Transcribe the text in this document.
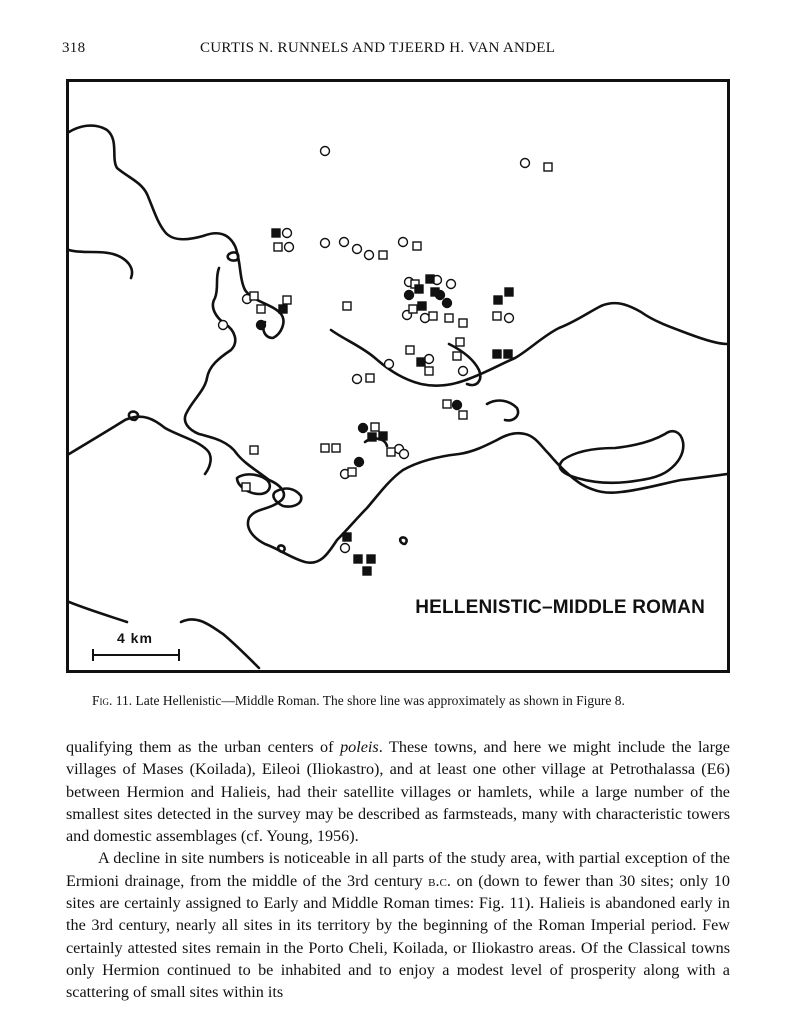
318	CURTIS N. RUNNELS AND TJEERD H. VAN ANDEL
HELLENISTIC–MIDDLE ROMAN
4 km
Fig. 11. Late Hellenistic—Middle Roman. The shore line was approximately as shown in Figure 8.

qualifying them as the urban centers of poleis. These towns, and here we might include the large villages of Mases (Koilada), Eileoi (Iliokastro), and at least one other village at Petrothalassa (E6) between Hermion and Halieis, had their satellite villages or hamlets, while a large number of the smallest sites detected in the survey may be described as farmsteads, many with characteristic towers and domestic assemblages (cf. Young, 1956).

A decline in site numbers is noticeable in all parts of the study area, with partial exception of the Ermioni drainage, from the middle of the 3rd century b.c. on (down to fewer than 30 sites; only 10 sites are certainly assigned to Early and Middle Roman times: Fig. 11). Halieis is abandoned early in the 3rd century, nearly all sites in its territory by the beginning of the Roman Imperial period. Few certainly attested sites remain in the Porto Cheli, Koilada, or Iliokastro areas. Of the Classical towns only Hermion continued to be inhabited and to enjoy a modest level of prosperity along with a scattering of small sites within its
